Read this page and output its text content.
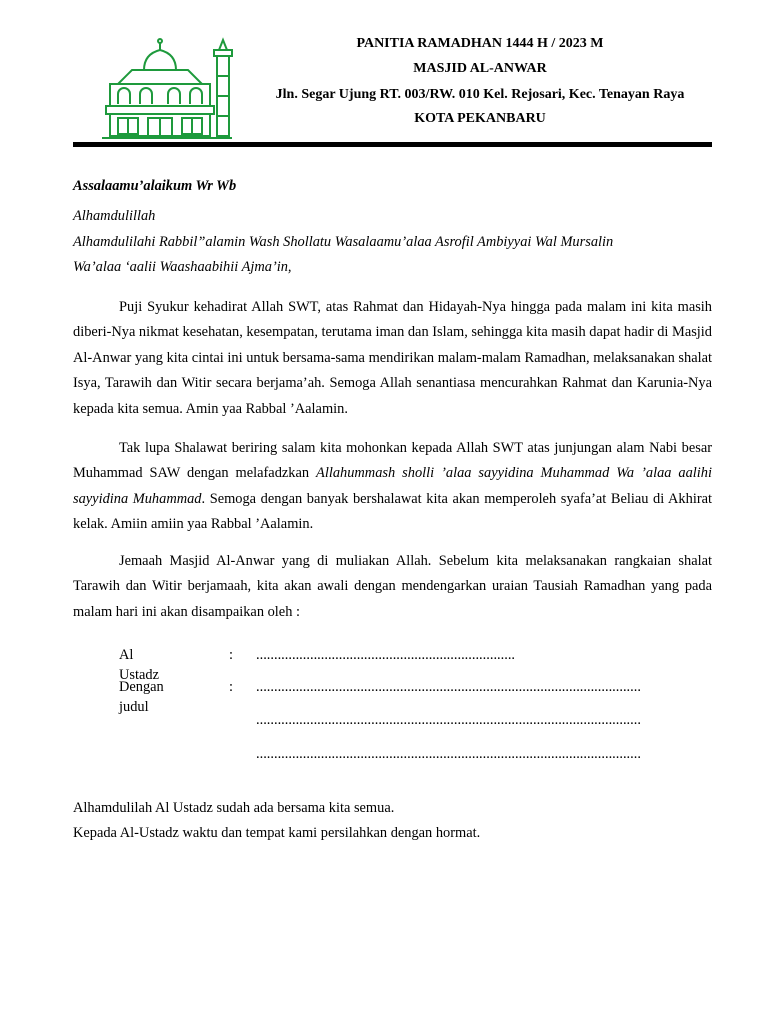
PANITIA RAMADHAN 1444 H / 2023 M
MASJID AL-ANWAR
Jln. Segar Ujung RT. 003/RW. 010 Kel. Rejosari, Kec. Tenayan Raya
KOTA PEKANBARU
Assalaamu’alaikum Wr Wb
Alhamdulillah
Alhamdulilahi Rabbil”alamin Wash Shollatu Wasalaamu’alaa Asrofil Ambiyyai Wal Mursalin
Wa’alaa ‘aalii Waashaabihii Ajma’in,
Puji Syukur kehadirat Allah SWT, atas Rahmat dan Hidayah-Nya hingga pada malam ini kita masih diberi-Nya nikmat kesehatan, kesempatan, terutama iman dan Islam, sehingga kita masih dapat hadir di Masjid Al-Anwar yang kita cintai ini untuk bersama-sama mendirikan malam-malam Ramadhan, melaksanakan shalat Isya, Tarawih dan Witir secara berjama’ah. Semoga Allah senantiasa mencurahkan Rahmat dan Karunia-Nya kepada kita semua. Amin yaa Rabbal ’Aalamin.
Tak lupa Shalawat beriring salam kita mohonkan kepada Allah SWT atas junjungan alam Nabi besar Muhammad SAW dengan melafadzkan Allahummash sholli ’alaa sayyidina Muhammad Wa ’alaa aalihi sayyidina Muhammad. Semoga dengan banyak bershalawat kita akan memperoleh syafa’at Beliau di Akhirat kelak. Amiin amiin yaa Rabbal ’Aalamin.
Jemaah Masjid Al-Anwar yang di muliakan Allah. Sebelum kita melaksanakan rangkaian shalat Tarawih dan Witir berjamaah, kita akan awali dengan mendengarkan uraian Tausiah Ramadhan yang pada malam hari ini akan disampaikan oleh :
Al Ustadz
: ........................................................................
Dengan judul
: ...........................................................................................................
...........................................................................................................
...........................................................................................................
Alhamdulilah Al Ustadz sudah ada bersama kita semua.
Kepada Al-Ustadz waktu dan tempat kami persilahkan dengan hormat.
